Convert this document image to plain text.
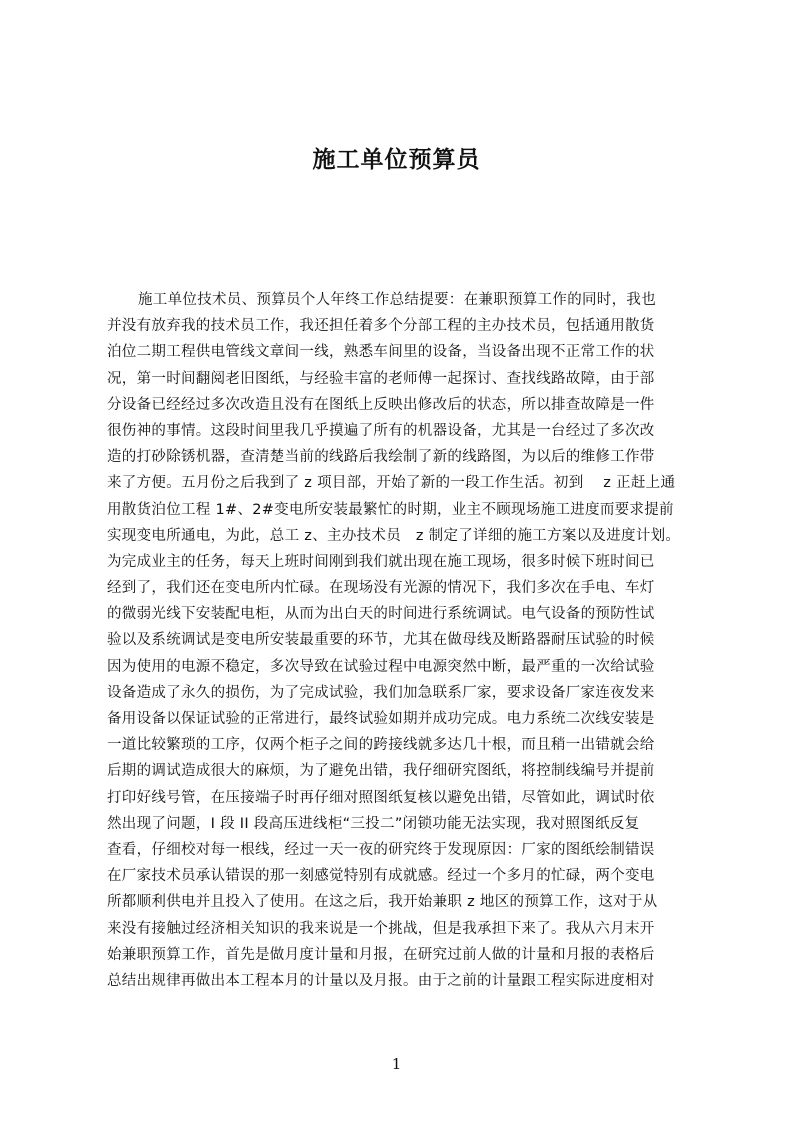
施工单位预算员
施工单位技术员、预算员个人年终工作总结提要：在兼职预算工作的同时，我也
并没有放弃我的技术员工作，我还担任着多个分部工程的主办技术员，包括通用散货
泊位二期工程供电管线文章间一线，熟悉车间里的设备，当设备出现不正常工作的状
况，第一时间翻阅老旧图纸，与经验丰富的老师傅一起探讨、查找线路故障，由于部
分设备已经经过多次改造且没有在图纸上反映出修改后的状态，所以排查故障是一件
很伤神的事情。这段时间里我几乎摸遍了所有的机器设备，尤其是一台经过了多次改
造的打砂除锈机器，查清楚当前的线路后我绘制了新的线路图，为以后的维修工作带
来了方便。五月份之后我到了 z 项目部，开始了新的一段工作生活。初到　 z 正赶上通
用散货泊位工程 1#、2#变电所安装最繁忙的时期，业主不顾现场施工进度而要求提前
实现变电所通电，为此，总工 z、主办技术员　z 制定了详细的施工方案以及进度计划。
为完成业主的任务，每天上班时间刚到我们就出现在施工现场，很多时候下班时间已
经到了，我们还在变电所内忙碌。在现场没有光源的情况下，我们多次在手电、车灯
的微弱光线下安装配电柜，从而为出白天的时间进行系统调试。电气设备的预防性试
验以及系统调试是变电所安装最重要的环节，尤其在做母线及断路器耐压试验的时候
因为使用的电源不稳定，多次导致在试验过程中电源突然中断，最严重的一次给试验
设备造成了永久的损伤，为了完成试验，我们加急联系厂家，要求设备厂家连夜发来
备用设备以保证试验的正常进行，最终试验如期并成功完成。电力系统二次线安装是
一道比较繁琐的工序，仅两个柜子之间的跨接线就多达几十根，而且稍一出错就会给
后期的调试造成很大的麻烦，为了避免出错，我仔细研究图纸，将控制线编号并提前
打印好线号管，在压接端子时再仔细对照图纸复核以避免出错，尽管如此，调试时依
然出现了问题，I 段 II 段高压进线柜“三投二”闭锁功能无法实现，我对照图纸反复
查看，仔细校对每一根线，经过一天一夜的研究终于发现原因：厂家的图纸绘制错误
在厂家技术员承认错误的那一刻感觉特别有成就感。经过一个多月的忙碌，两个变电
所都顺利供电并且投入了使用。在这之后，我开始兼职 z 地区的预算工作，这对于从
来没有接触过经济相关知识的我来说是一个挑战，但是我承担下来了。我从六月末开
始兼职预算工作，首先是做月度计量和月报，在研究过前人做的计量和月报的表格后
总结出规律再做出本工程本月的计量以及月报。由于之前的计量跟工程实际进度相对
1
